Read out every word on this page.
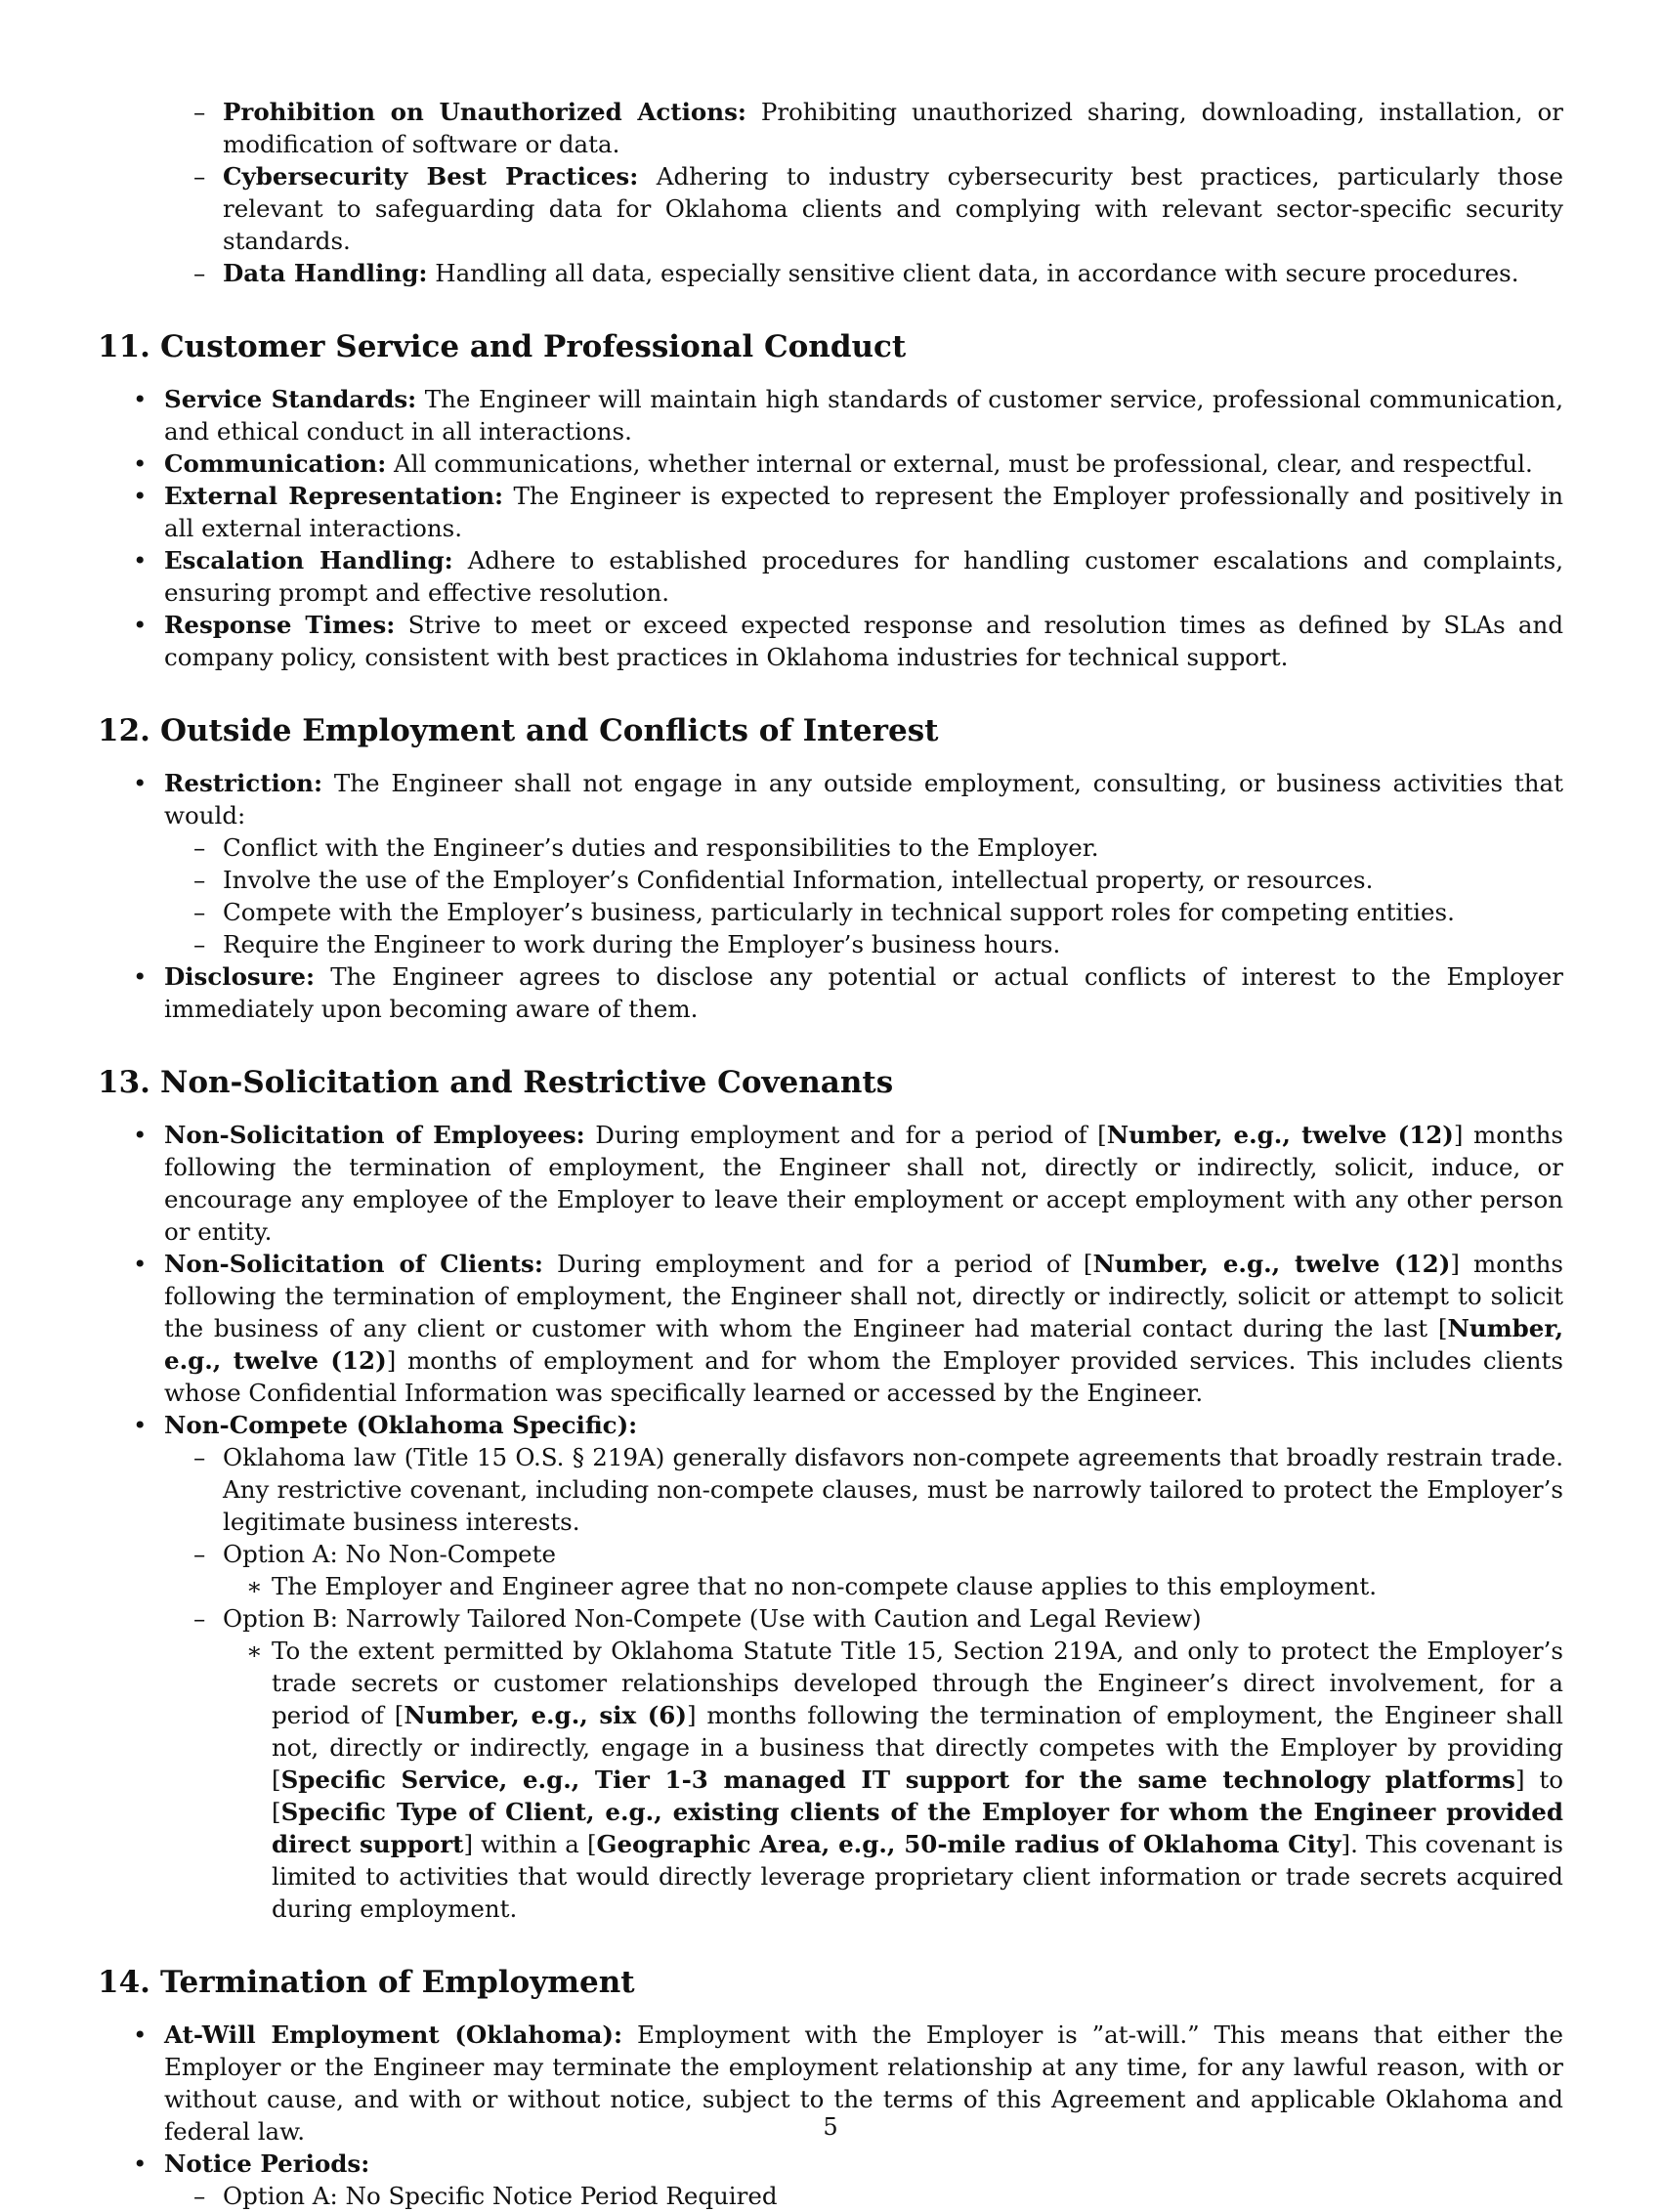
– Prohibition on Unauthorized Actions: Prohibiting unauthorized sharing, downloading, installation, or modification of software or data.
– Cybersecurity Best Practices: Adhering to industry cybersecurity best practices, particularly those relevant to safeguarding data for Oklahoma clients and complying with relevant sector-specific security standards.
– Data Handling: Handling all data, especially sensitive client data, in accordance with secure procedures.
11. Customer Service and Professional Conduct
• Service Standards: The Engineer will maintain high standards of customer service, professional communication, and ethical conduct in all interactions.
• Communication: All communications, whether internal or external, must be professional, clear, and respectful.
• External Representation: The Engineer is expected to represent the Employer professionally and positively in all external interactions.
• Escalation Handling: Adhere to established procedures for handling customer escalations and complaints, ensuring prompt and effective resolution.
• Response Times: Strive to meet or exceed expected response and resolution times as defined by SLAs and company policy, consistent with best practices in Oklahoma industries for technical support.
12. Outside Employment and Conflicts of Interest
• Restriction: The Engineer shall not engage in any outside employment, consulting, or business activities that would:
– Conflict with the Engineer’s duties and responsibilities to the Employer.
– Involve the use of the Employer’s Confidential Information, intellectual property, or resources.
– Compete with the Employer’s business, particularly in technical support roles for competing entities.
– Require the Engineer to work during the Employer’s business hours.
• Disclosure: The Engineer agrees to disclose any potential or actual conflicts of interest to the Employer immediately upon becoming aware of them.
13. Non-Solicitation and Restrictive Covenants
• Non-Solicitation of Employees: During employment and for a period of [Number, e.g., twelve (12)] months following the termination of employment, the Engineer shall not, directly or indirectly, solicit, induce, or encourage any employee of the Employer to leave their employment or accept employment with any other person or entity.
• Non-Solicitation of Clients: During employment and for a period of [Number, e.g., twelve (12)] months following the termination of employment, the Engineer shall not, directly or indirectly, solicit or attempt to solicit the business of any client or customer with whom the Engineer had material contact during the last [Number, e.g., twelve (12)] months of employment and for whom the Employer provided services. This includes clients whose Confidential Information was specifically learned or accessed by the Engineer.
• Non-Compete (Oklahoma Specific):
– Oklahoma law (Title 15 O.S. § 219A) generally disfavors non-compete agreements that broadly restrain trade. Any restrictive covenant, including non-compete clauses, must be narrowly tailored to protect the Employer’s legitimate business interests.
– Option A: No Non-Compete
∗ The Employer and Engineer agree that no non-compete clause applies to this employment.
– Option B: Narrowly Tailored Non-Compete (Use with Caution and Legal Review)
∗ To the extent permitted by Oklahoma Statute Title 15, Section 219A, and only to protect the Employer’s trade secrets or customer relationships developed through the Engineer’s direct involvement, for a period of [Number, e.g., six (6)] months following the termination of employment, the Engineer shall not, directly or indirectly, engage in a business that directly competes with the Employer by providing [Specific Service, e.g., Tier 1-3 managed IT support for the same technology platforms] to [Specific Type of Client, e.g., existing clients of the Employer for whom the Engineer provided direct support] within a [Geographic Area, e.g., 50-mile radius of Oklahoma City]. This covenant is limited to activities that would directly leverage proprietary client information or trade secrets acquired during employment.
14. Termination of Employment
• At-Will Employment (Oklahoma): Employment with the Employer is ”at-will.” This means that either the Employer or the Engineer may terminate the employment relationship at any time, for any lawful reason, with or without cause, and with or without notice, subject to the terms of this Agreement and applicable Oklahoma and federal law.
• Notice Periods:
– Option A: No Specific Notice Period Required
5
